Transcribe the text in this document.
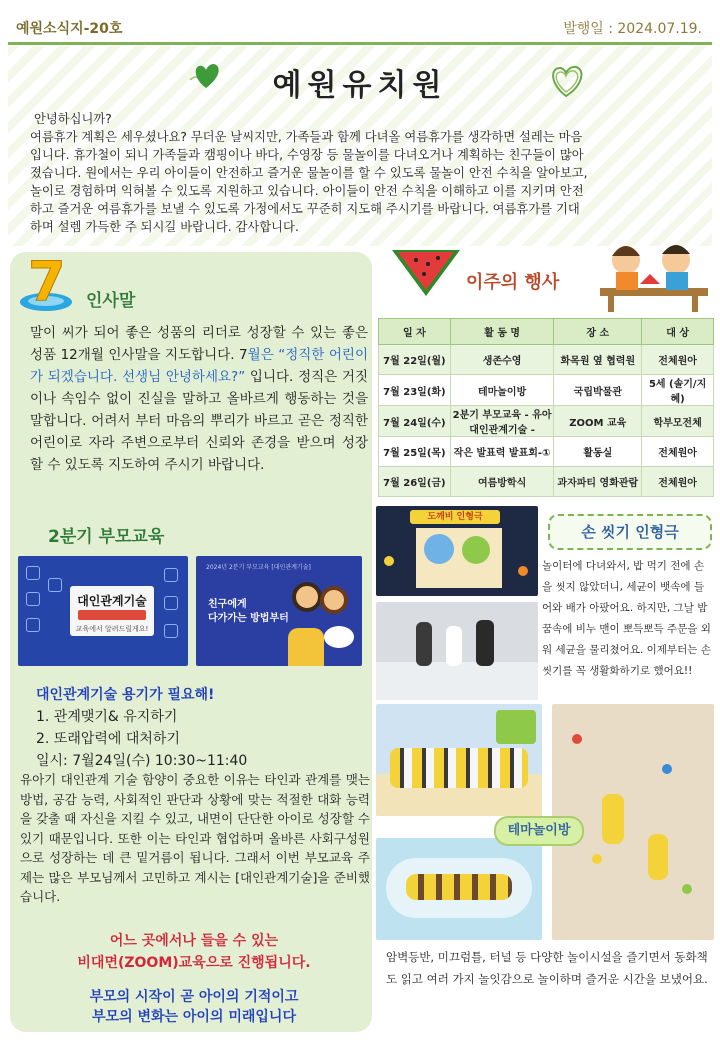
예원소식지-20호	발행일 : 2024.07.19.
예원유치원

안녕하십니까?

여름휴가 계획은 세우셨나요? 무더운 날씨지만, 가족들과 함께 다녀올 여름휴가를 생각하면 설레는 마음

입니다. 휴가철이 되니 가족들과 캠핑이나 바다, 수영장 등 물놀이를 다녀오거나 계획하는 친구들이 많아

졌습니다. 원에서는 우리 아이들이 안전하고 즐거운 물놀이를 할 수 있도록 물놀이 안전 수칙을 알아보고,

놀이로 경험하며 익혀볼 수 있도록 지원하고 있습니다. 아이들이 안전 수칙을 이해하고 이를 지키며 안전

하고 즐거운 여름휴가를 보낼 수 있도록 가정에서도 꾸준히 지도해 주시기를 바랍니다. 여름휴가를 기대

하며 설렘 가득한 주 되시길 바랍니다. 감사합니다.

7 인사말
말이 씨가 되어 좋은 성품의 리더로 성장할 수 있는 좋은 성품 12개월 인사말을 지도합니다. 7월은 “정직한 어린이가 되겠습니다. 선생님 안녕하세요?” 입니다. 정직은 거짓이나 속임수 없이 진실을 말하고 올바르게 행동하는 것을 말합니다. 어려서 부터 마음의 뿌리가 바르고 곧은 정직한 어린이로 자라 주변으로부터 신뢰와 존경을 받으며 성장할 수 있도록 지도하여 주시기 바랍니다.
2분기 부모교육
대인관계기술
교육에서 알려드릴게요!
2024년 2분기 부모교육 [대인관계기술]
친구에게
다가가는 방법부터
대인관계기술 용기가 필요해!
1. 관계맺기& 유지하기
2. 또래압력에 대처하기
일시: 7월24일(수) 10:30~11:40
유아기 대인관계 기술 함양이 중요한 이유는 타인과 관계를 맺는 방법, 공감 능력, 사회적인 판단과 상황에 맞는 적절한 대화 능력을 갖출 때 자신을 지킬 수 있고, 내면이 단단한 아이로 성장할 수 있기 때문입니다. 또한 이는 타인과 협업하며 올바른 사회구성원으로 성장하는 데 큰 밑거름이 됩니다. 그래서 이번 부모교육 주제는 많은 부모님께서 고민하고 계시는 [대인관계기술]을 준비했습니다.
어느 곳에서나 들을 수 있는
비대면(ZOOM)교육으로 진행됩니다.
부모의 시작이 곧 아이의 기적이고
부모의 변화는 아이의 미래입니다
이주의 행사
일 자	활 동 명	장 소	대 상
7월 22일(월)	생존수영	화목원 옆 협력원	전체원아
7월 23일(화)	테마놀이방	국립박물관	5세 (솔기/지혜)
7월 24일(수)	2분기 부모교육 - 유아대인관계기술 -	ZOOM 교육	학부모전체
7월 25일(목)	작은 발표력 발표회-①	활동실	전체원아
7월 26일(금)	여름방학식	과자파티 영화관람	전체원아
도깨비 인형극
손 씻기 인형극
놀이터에 다녀와서, 밥 먹기 전에 손을 씻지 않았더니, 세균이 뱃속에 들어와 배가 아팠어요. 하지만, 그날 밤 꿈속에 비누 맨이 뽀득뽀득 주문을 외워 세균을 물리쳤어요. 이제부터는 손 씻기를 꼭 생활화하기로 했어요!!
테마놀이방
암벽등반, 미끄럼틀, 터널 등 다양한 놀이시설을 즐기면서 동화책도 읽고 여러 가지 놀잇감으로 놀이하며 즐거운 시간을 보냈어요.
